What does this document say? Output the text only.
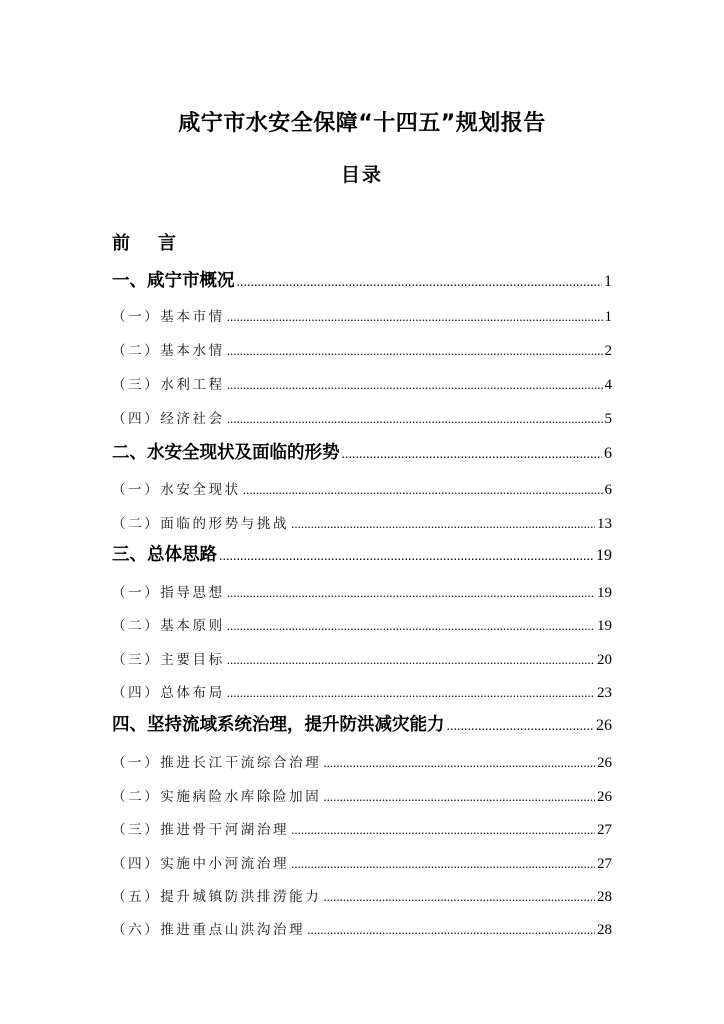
咸宁市水安全保障“十四五”规划报告
目录
前 言
一、咸宁市概况 .....	1
（一）基本市情 .....	1
（二）基本水情 .....	2
（三）水利工程 .....	4
（四）经济社会 .....	5
二、水安全现状及面临的形势 .....	6
（一）水安全现状 .....	6
（二）面临的形势与挑战 .....	13
三、总体思路 .....	19
（一）指导思想 .....	19
（二）基本原则 .....	19
（三）主要目标 .....	20
（四）总体布局 .....	23
四、坚持流域系统治理，提升防洪减灾能力 .....	26
（一）推进长江干流综合治理 .....	26
（二）实施病险水库除险加固 .....	26
（三）推进骨干河湖治理 .....	27
（四）实施中小河流治理 .....	27
（五）提升城镇防洪排涝能力 .....	28
（六）推进重点山洪沟治理 .....	28
